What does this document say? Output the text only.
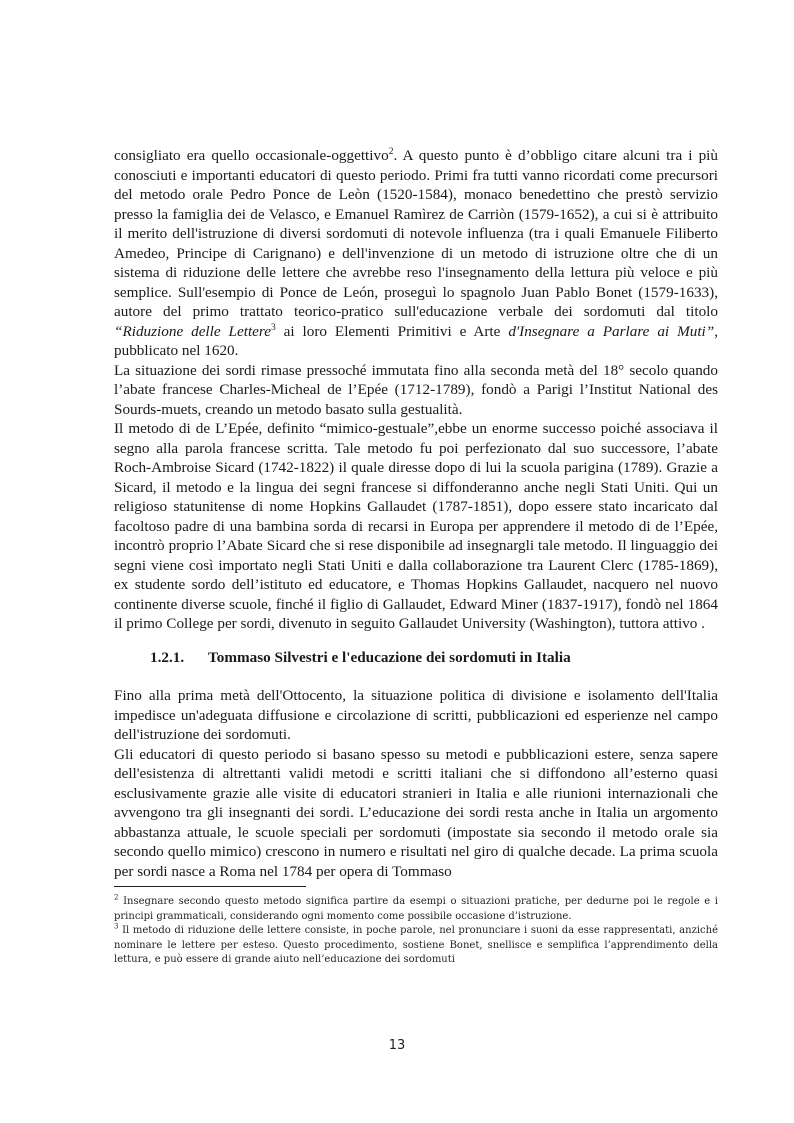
consigliato era quello occasionale-oggettivo$^2$. A questo punto è d’obbligo citare alcuni tra i più conosciuti e importanti educatori di questo periodo. Primi fra tutti vanno ricordati come precursori del metodo orale Pedro Ponce de Leòn (1520-1584), monaco benedettino che prestò servizio presso la famiglia dei de Velasco, e Emanuel Ramìrez de Carriòn (1579-1652), a cui si è attribuito il merito dell'istruzione di diversi sordomuti di notevole influenza (tra i quali Emanuele Filiberto Amedeo, Principe di Carignano) e dell'invenzione di un metodo di istruzione oltre che di un sistema di riduzione delle lettere che avrebbe reso l'insegnamento della lettura più veloce e più semplice. Sull'esempio di Ponce de León, proseguì lo spagnolo Juan Pablo Bonet (1579-1633), autore del primo trattato teorico-pratico sull'educazione verbale dei sordomuti dal titolo “Riduzione delle Lettere$^3$ ai loro Elementi Primitivi e Arte d'Insegnare a Parlare ai Muti”, pubblicato nel 1620.

La situazione dei sordi rimase pressoché immutata fino alla seconda metà del 18° secolo quando l’abate francese Charles-Micheal de l’Epée (1712-1789), fondò a Parigi l’Institut National des Sourds-muets, creando un metodo basato sulla gestualità.

Il metodo di de L’Epée, definito “mimico-gestuale”,ebbe un enorme successo poiché associava il segno alla parola francese scritta. Tale metodo fu poi perfezionato dal suo successore, l’abate Roch-Ambroise Sicard (1742-1822) il quale diresse dopo di lui la scuola parigina (1789). Grazie a Sicard, il metodo e la lingua dei segni francese si diffonderanno anche negli Stati Uniti. Qui un religioso statunitense di nome Hopkins Gallaudet (1787-1851), dopo essere stato incaricato dal facoltoso padre di una bambina sorda di recarsi in Europa per apprendere il metodo di de l’Epée, incontrò proprio l’Abate Sicard che si rese disponibile ad insegnargli tale metodo. Il linguaggio dei segni viene così importato negli Stati Uniti e dalla collaborazione tra Laurent Clerc (1785-1869), ex studente sordo dell’istituto ed educatore, e Thomas Hopkins Gallaudet, nacquero nel nuovo continente diverse scuole, finché il figlio di Gallaudet, Edward Miner (1837-1917), fondò nel 1864 il primo College per sordi, divenuto in seguito Gallaudet University (Washington), tuttora attivo .

1.2.1. Tommaso Silvestri e l'educazione dei sordomuti in Italia

Fino alla prima metà dell'Ottocento, la situazione politica di divisione e isolamento dell'Italia impedisce un'adeguata diffusione e circolazione di scritti, pubblicazioni ed esperienze nel campo dell'istruzione dei sordomuti.

Gli educatori di questo periodo si basano spesso su metodi e pubblicazioni estere, senza sapere dell'esistenza di altrettanti validi metodi e scritti italiani che si diffondono all’esterno quasi esclusivamente grazie alle visite di educatori stranieri in Italia e alle riunioni internazionali che avvengono tra gli insegnanti dei sordi. L’educazione dei sordi resta anche in Italia un argomento abbastanza attuale, le scuole speciali per sordomuti (impostate sia secondo il metodo orale sia secondo quello mimico) crescono in numero e risultati nel giro di qualche decade. La prima scuola per sordi nasce a Roma nel 1784 per opera di Tommaso

$^2$ Insegnare secondo questo metodo significa partire da esempi o situazioni pratiche, per dedurne poi le regole e i principi grammaticali, considerando ogni momento come possibile occasione d’istruzione.

$^3$ Il metodo di riduzione delle lettere consiste, in poche parole, nel pronunciare i suoni da esse rappresentati, anziché nominare le lettere per esteso. Questo procedimento, sostiene Bonet, snellisce e semplifica l’apprendimento della lettura, e può essere di grande aiuto nell’educazione dei sordomuti

13
